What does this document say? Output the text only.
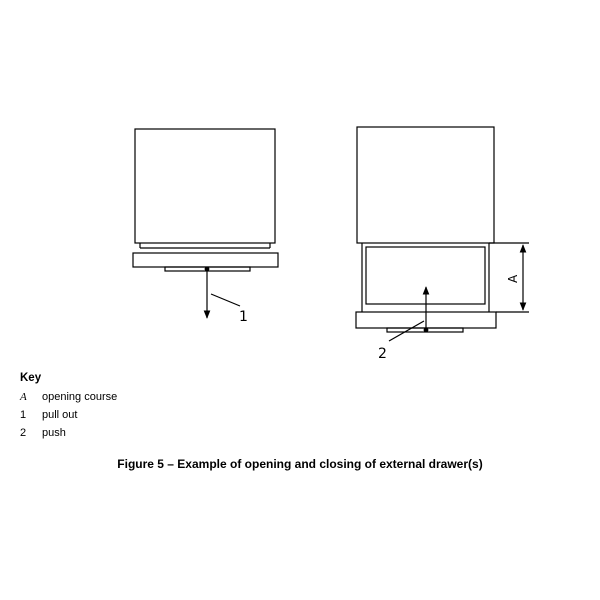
1
2
A
Key
A	opening course
1	pull out
2	push
Figure 5 – Example of opening and closing of external drawer(s)
